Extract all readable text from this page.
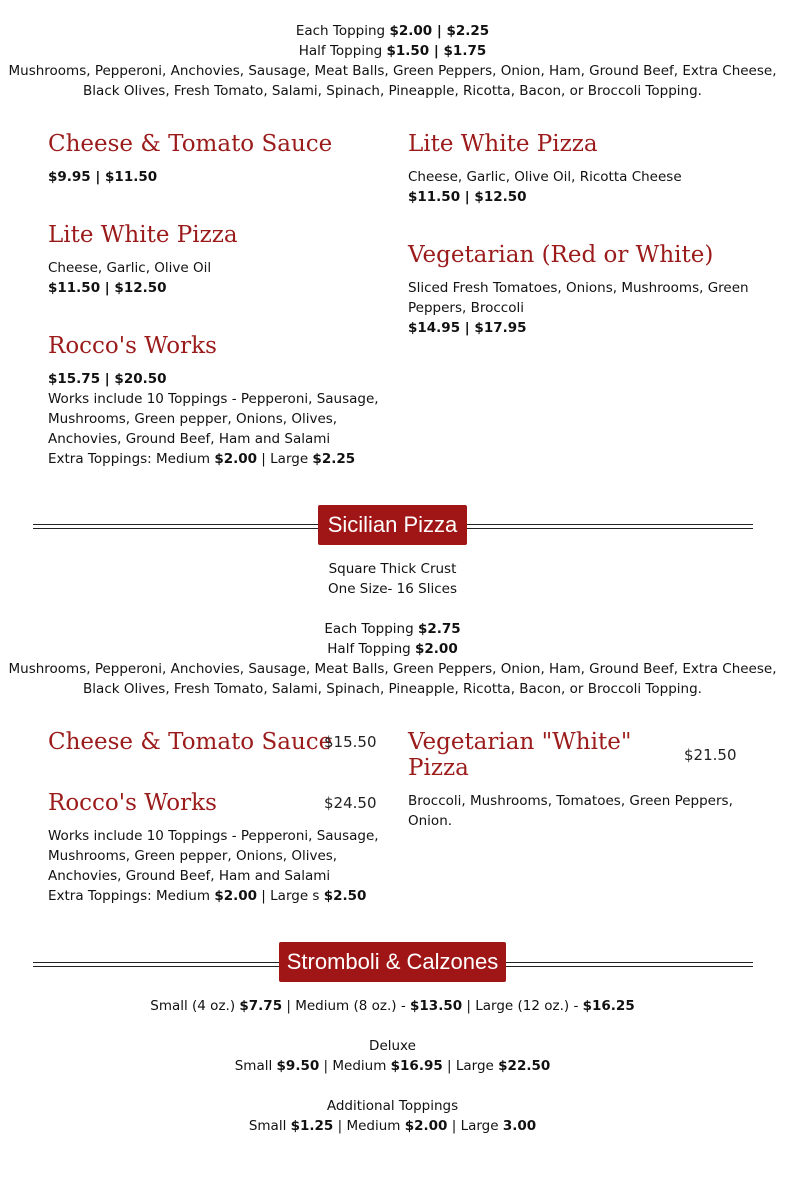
Each Topping $2.00 | $2.25
Half Topping $1.50 | $1.75
Mushrooms, Pepperoni, Anchovies, Sausage, Meat Balls, Green Peppers, Onion, Ham, Ground Beef, Extra Cheese,
Black Olives, Fresh Tomato, Salami, Spinach, Pineapple, Ricotta, Bacon, or Broccoli Topping.
Cheese & Tomato Sauce
$9.95 | $11.50
Lite White Pizza
Cheese, Garlic, Olive Oil
$11.50 | $12.50
Rocco's Works
$15.75 | $20.50
Works include 10 Toppings - Pepperoni, Sausage,
Mushrooms, Green pepper, Onions, Olives,
Anchovies, Ground Beef, Ham and Salami
Extra Toppings: Medium $2.00 | Large $2.25
Lite White Pizza
Cheese, Garlic, Olive Oil, Ricotta Cheese
$11.50 | $12.50
Vegetarian (Red or White)
Sliced Fresh Tomatoes, Onions, Mushrooms, Green
Peppers, Broccoli
$14.95 | $17.95
Sicilian Pizza
Square Thick Crust
One Size- 16 Slices
Each Topping $2.75
Half Topping $2.00
Mushrooms, Pepperoni, Anchovies, Sausage, Meat Balls, Green Peppers, Onion, Ham, Ground Beef, Extra Cheese,
Black Olives, Fresh Tomato, Salami, Spinach, Pineapple, Ricotta, Bacon, or Broccoli Topping.
Cheese & Tomato Sauce
$15.50
Rocco's Works	$24.50
Works include 10 Toppings - Pepperoni, Sausage,
Mushrooms, Green pepper, Onions, Olives,
Anchovies, Ground Beef, Ham and Salami
Extra Toppings: Medium $2.00 | Large s $2.50
Vegetarian "White"
Pizza	$21.50
Broccoli, Mushrooms, Tomatoes, Green Peppers,
Onion.
Stromboli & Calzones
Small (4 oz.) $7.75 | Medium (8 oz.) - $13.50 | Large (12 oz.) - $16.25
Deluxe
Small $9.50 | Medium $16.95 | Large $22.50
Additional Toppings
Small $1.25 | Medium $2.00 | Large 3.00
